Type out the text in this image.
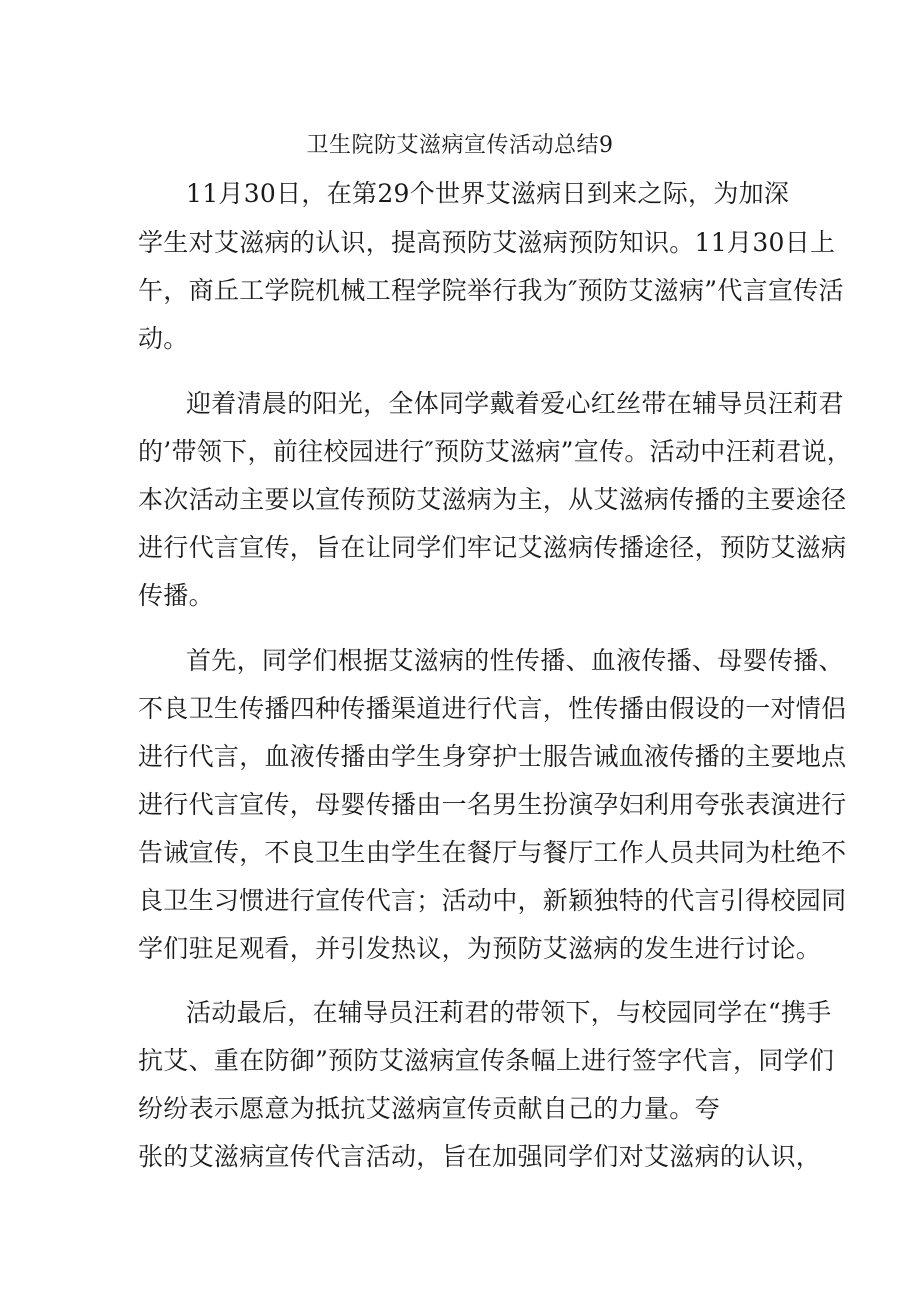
卫生院防艾滋病宣传活动总结9
11月30日，在第29个世界艾滋病日到来之际，为加深
学生对艾滋病的认识，提高预防艾滋病预防知识。11月30日上
午，商丘工学院机械工程学院举行我为″预防艾滋病”代言宣传活
动。
迎着清晨的阳光，全体同学戴着爱心红丝带在辅导员汪莉君
的’带领下，前往校园进行″预防艾滋病”宣传。活动中汪莉君说，
本次活动主要以宣传预防艾滋病为主，从艾滋病传播的主要途径
进行代言宣传，旨在让同学们牢记艾滋病传播途径，预防艾滋病
传播。
首先，同学们根据艾滋病的性传播、血液传播、母婴传播、
不良卫生传播四种传播渠道进行代言，性传播由假设的一对情侣
进行代言，血液传播由学生身穿护士服告诫血液传播的主要地点
进行代言宣传，母婴传播由一名男生扮演孕妇利用夸张表演进行
告诫宣传，不良卫生由学生在餐厅与餐厅工作人员共同为杜绝不
良卫生习惯进行宣传代言；活动中，新颖独特的代言引得校园同
学们驻足观看，并引发热议，为预防艾滋病的发生进行讨论。
活动最后，在辅导员汪莉君的带领下，与校园同学在“携手
抗艾、重在防御”预防艾滋病宣传条幅上进行签字代言，同学们
纷纷表示愿意为抵抗艾滋病宣传贡献自己的力量。夸
张的艾滋病宣传代言活动，旨在加强同学们对艾滋病的认识，
